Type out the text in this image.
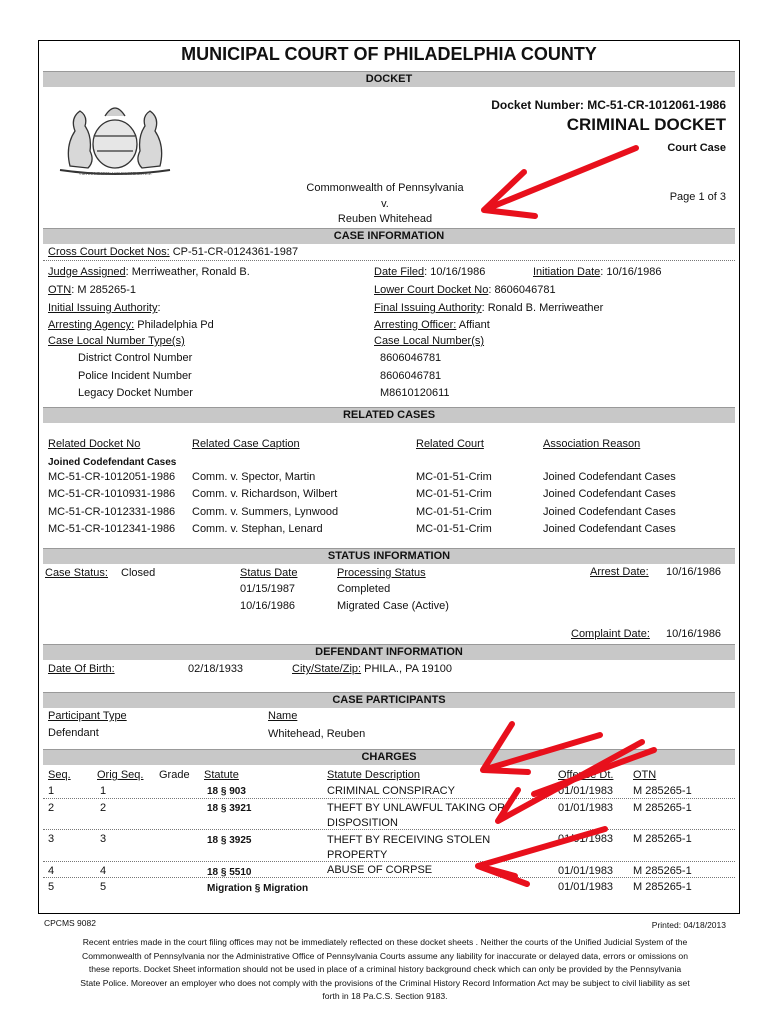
MUNICIPAL COURT OF PHILADELPHIA COUNTY
DOCKET
VIRTUE LIBERTY AND INDEPENDENCE
Docket Number: MC-51-CR-1012061-1986
CRIMINAL DOCKET
Court Case
Commonwealth of Pennsylvania
v.
Reuben Whitehead
Page 1 of 3
CASE INFORMATION
Cross Court Docket Nos: CP-51-CR-0124361-1987
Judge Assigned: Merriweather, Ronald B.	Date Filed: 10/16/1986	Initiation Date: 10/16/1986
OTN: M 285265-1	Lower Court Docket No: 8606046781
Initial Issuing Authority:	Final Issuing Authority: Ronald B. Merriweather
Arresting Agency: Philadelphia Pd	Arresting Officer: Affiant
Case Local Number Type(s)	Case Local Number(s)
District Control Number	8606046781
Police Incident Number	8606046781
Legacy Docket Number	M8610120611
RELATED CASES
Related Docket No	Related Case Caption	Related Court	Association Reason
Joined Codefendant Cases
MC-51-CR-1012051-1986 Comm. v. Spector, Martin	MC-01-51-Crim	Joined Codefendant Cases
MC-51-CR-1010931-1986 Comm. v. Richardson, Wilbert	MC-01-51-Crim	Joined Codefendant Cases
MC-51-CR-1012331-1986 Comm. v. Summers, Lynwood	MC-01-51-Crim	Joined Codefendant Cases
MC-51-CR-1012341-1986 Comm. v. Stephan, Lenard	MC-01-51-Crim	Joined Codefendant Cases
STATUS INFORMATION
Case Status: Closed	Status Date	Processing Status	Arrest Date: 10/16/1986
01/15/1987	Completed
10/16/1986	Migrated Case (Active)
Complaint Date: 10/16/1986
DEFENDANT INFORMATION
Date Of Birth:	02/18/1933	City/State/Zip: PHILA., PA 19100
CASE PARTICIPANTS
Participant Type	Name
Defendant	Whitehead, Reuben
CHARGES
Seq. Orig Seq. Grade Statute	Statute Description	Offense Dt. OTN
1	1	18 § 903	CRIMINAL CONSPIRACY	01/01/1983 M 285265-1
2	2	18 § 3921	THEFT BY UNLAWFUL TAKING OR
DISPOSITION
01/01/1983 M 285265-1
3	3	18 § 3925	THEFT BY RECEIVING STOLEN
PROPERTY
01/01/1983 M 285265-1
4	4	18 § 5510	ABUSE OF CORPSE	01/01/1983 M 285265-1
5	5	Migration § Migration	01/01/1983 M 285265-1
CPCMS 9082	Printed: 04/18/2013
Recent entries made in the court filing offices may not be immediately reflected on these docket sheets . Neither the courts of the Unified Judicial System of the Commonwealth of Pennsylvania nor the Administrative Office of Pennsylvania Courts assume any liability for inaccurate or delayed data, errors or omissions on these reports. Docket Sheet information should not be used in place of a criminal history background check which can only be provided by the Pennsylvania State Police. Moreover an employer who does not comply with the provisions of the Criminal History Record Information Act may be subject to civil liability as set forth in 18 Pa.C.S. Section 9183.
